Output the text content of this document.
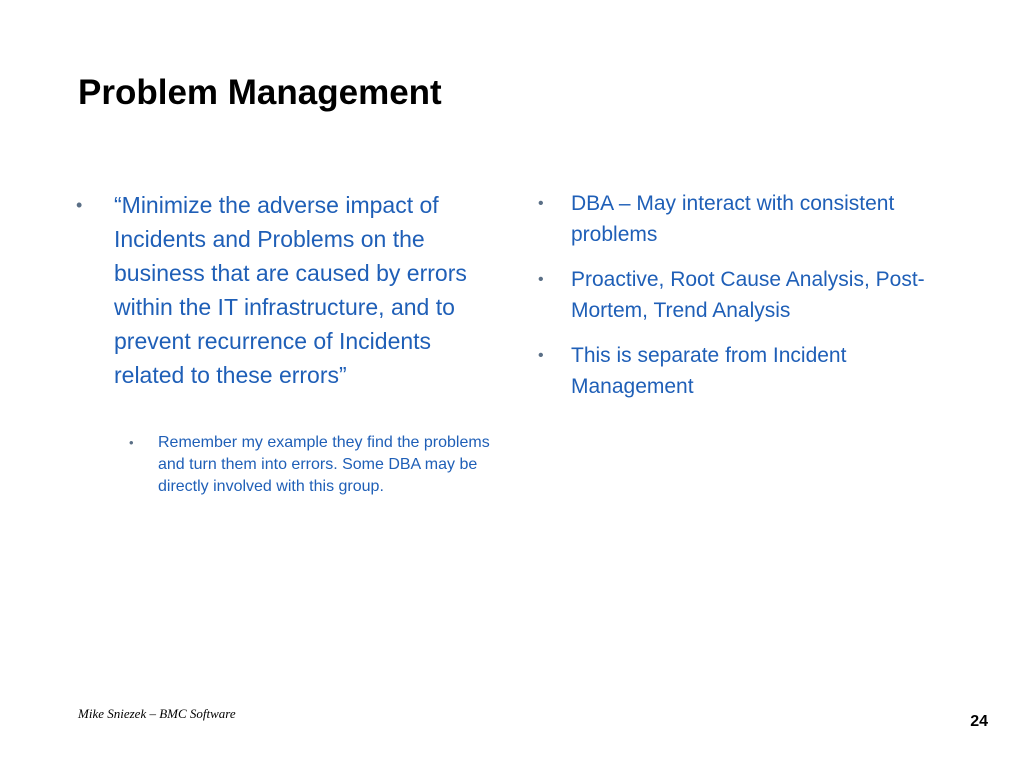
Problem Management
• “Minimize the adverse impact of Incidents and Problems on the business that are caused by errors within the IT infrastructure, and to prevent recurrence of Incidents related to these errors”
• Remember my example they find the problems and turn them into errors. Some DBA may be directly involved with this group.
• DBA – May interact with consistent problems
• Proactive, Root Cause Analysis, Post-Mortem, Trend Analysis
• This is separate from Incident Management
Mike Sniezek – BMC Software	24
